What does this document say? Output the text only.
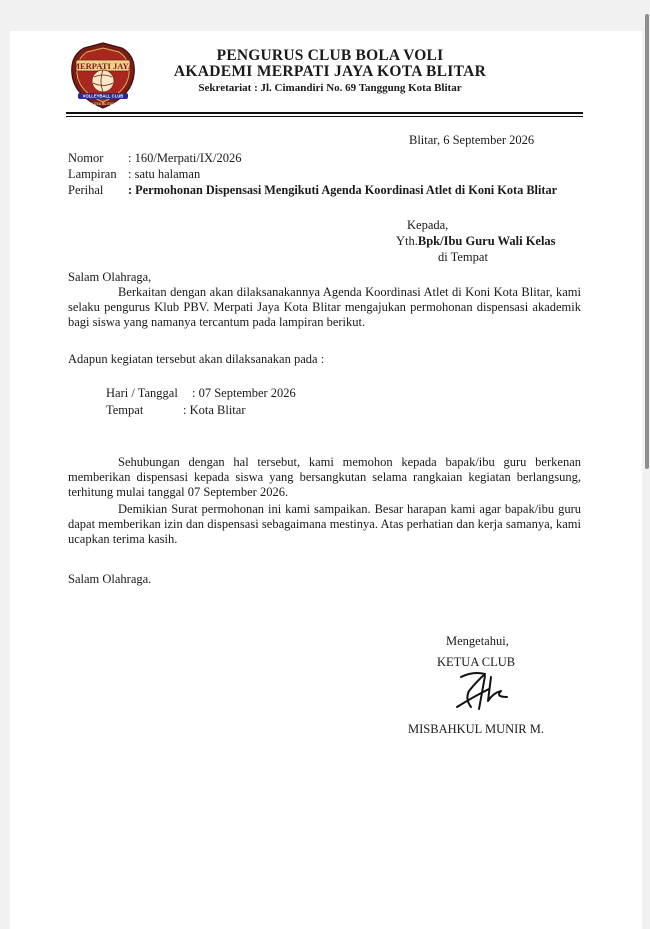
MERPATI JAYA
VOLLEYBALL CLUB
KOTA BLITAR
PENGURUS CLUB BOLA VOLI
AKADEMI MERPATI JAYA KOTA BLITAR
Sekretariat : Jl. Cimandiri No. 69 Tanggung Kota Blitar
Blitar, 6 September 2026
Nomor : 160/Merpati/IX/2026
Lampiran : satu halaman
Perihal : Permohonan Dispensasi Mengikuti Agenda Koordinasi Atlet di Koni Kota Blitar
Kepada,
Yth.Bpk/Ibu Guru Wali Kelas
di Tempat
Salam Olahraga,
Berkaitan dengan akan dilaksanakannya Agenda Koordinasi Atlet di Koni Kota Blitar, kami selaku pengurus Klub PBV. Merpati Jaya Kota Blitar mengajukan permohonan dispensasi akademik bagi siswa yang namanya tercantum pada lampiran berikut.
Adapun kegiatan tersebut akan dilaksanakan pada :
Hari / Tanggal : 07 September 2026
Tempat	: Kota Blitar
Sehubungan dengan hal tersebut, kami memohon kepada bapak/ibu guru berkenan memberikan dispensasi kepada siswa yang bersangkutan selama rangkaian kegiatan berlangsung, terhitung mulai tanggal 07 September 2026.
Demikian Surat permohonan ini kami sampaikan. Besar harapan kami agar bapak/ibu guru dapat memberikan izin dan dispensasi sebagaimana mestinya. Atas perhatian dan kerja samanya, kami ucapkan terima kasih.
Salam Olahraga.
Mengetahui,
KETUA CLUB
MISBAHKUL MUNIR M.
